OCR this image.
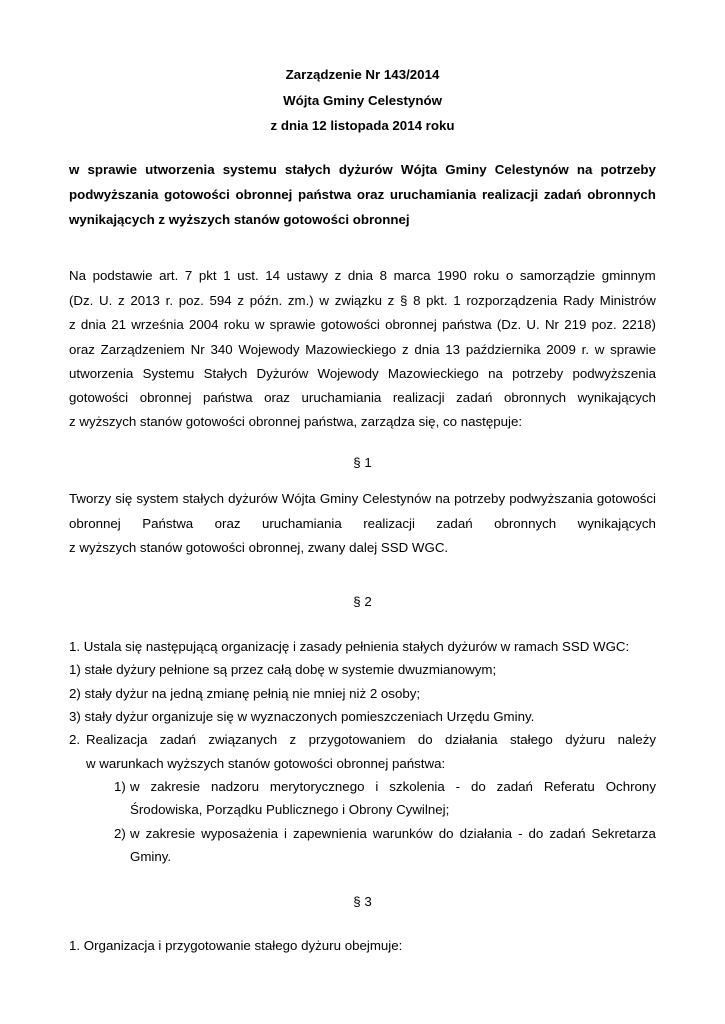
Zarządzenie Nr 143/2014
Wójta Gminy Celestynów
z dnia 12 listopada 2014 roku
w sprawie utworzenia systemu stałych dyżurów Wójta Gminy Celestynów na potrzeby
podwyższania gotowości obronnej państwa oraz uruchamiania realizacji zadań obronnych
wynikających z wyższych stanów gotowości obronnej
Na podstawie art. 7 pkt 1 ust. 14 ustawy z dnia 8 marca 1990 roku o samorządzie gminnym
(Dz. U. z 2013 r. poz. 594 z późn. zm.) w związku z § 8 pkt. 1 rozporządzenia Rady Ministrów
z dnia 21 września 2004 roku w sprawie gotowości obronnej państwa (Dz. U. Nr 219 poz. 2218)
oraz Zarządzeniem Nr 340 Wojewody Mazowieckiego z dnia 13 października 2009 r. w sprawie
utworzenia Systemu Stałych Dyżurów Wojewody Mazowieckiego na potrzeby podwyższenia
gotowości obronnej państwa oraz uruchamiania realizacji zadań obronnych wynikających
z wyższych stanów gotowości obronnej państwa, zarządza się, co następuje:
§ 1
Tworzy się system stałych dyżurów Wójta Gminy Celestynów na potrzeby podwyższania gotowości
obronnej Państwa oraz uruchamiania realizacji zadań obronnych wynikających
z wyższych stanów gotowości obronnej, zwany dalej SSD WGC.
§ 2
1. Ustala się następującą organizację i zasady pełnienia stałych dyżurów w ramach SSD WGC:
1) stałe dyżury pełnione są przez całą dobę w systemie dwuzmianowym;
2) stały dyżur na jedną zmianę pełnią nie mniej niż 2 osoby;
3) stały dyżur organizuje się w wyznaczonych pomieszczeniach Urzędu Gminy.
2. Realizacja zadań związanych z przygotowaniem do działania stałego dyżuru należy
w warunkach wyższych stanów gotowości obronnej państwa:
1) w zakresie nadzoru merytorycznego i szkolenia - do zadań Referatu Ochrony
Środowiska, Porządku Publicznego i Obrony Cywilnej;
2) w zakresie wyposażenia i zapewnienia warunków do działania - do zadań Sekretarza
Gminy.
§ 3
1. Organizacja i przygotowanie stałego dyżuru obejmuje:
